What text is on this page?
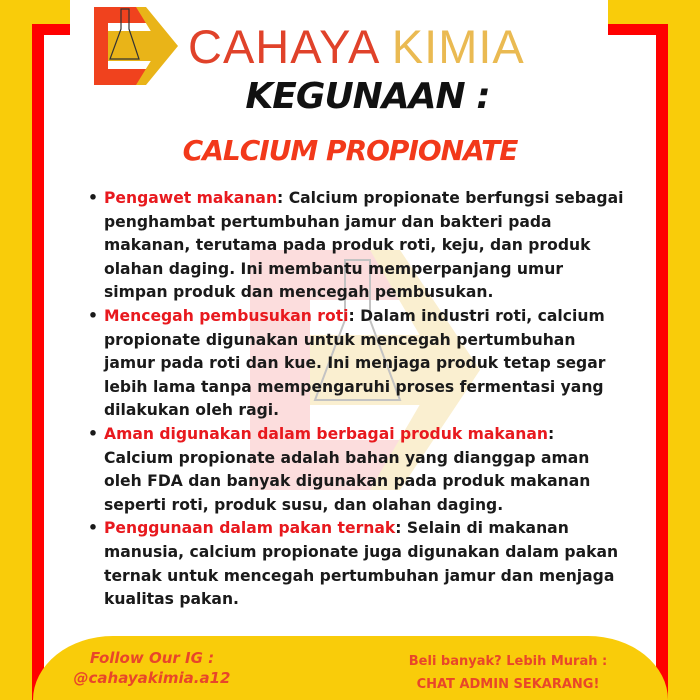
CAHAYA KIMIA
KEGUNAAN :
CALCIUM PROPIONATE
• Pengawet makanan: Calcium propionate berfungsi sebagai penghambat pertumbuhan jamur dan bakteri pada makanan, terutama pada produk roti, keju, dan produk olahan daging. Ini membantu memperpanjang umur simpan produk dan mencegah pembusukan.
• Mencegah pembusukan roti: Dalam industri roti, calcium propionate digunakan untuk mencegah pertumbuhan jamur pada roti dan kue. Ini menjaga produk tetap segar lebih lama tanpa mempengaruhi proses fermentasi yang dilakukan oleh ragi.
• Aman digunakan dalam berbagai produk makanan: Calcium propionate adalah bahan yang dianggap aman oleh FDA dan banyak digunakan pada produk makanan seperti roti, produk susu, dan olahan daging.
• Penggunaan dalam pakan ternak: Selain di makanan manusia, calcium propionate juga digunakan dalam pakan ternak untuk mencegah pertumbuhan jamur dan menjaga kualitas pakan.
Follow Our IG :
@cahayakimia.a12
Beli banyak? Lebih Murah :
CHAT ADMIN SEKARANG!
